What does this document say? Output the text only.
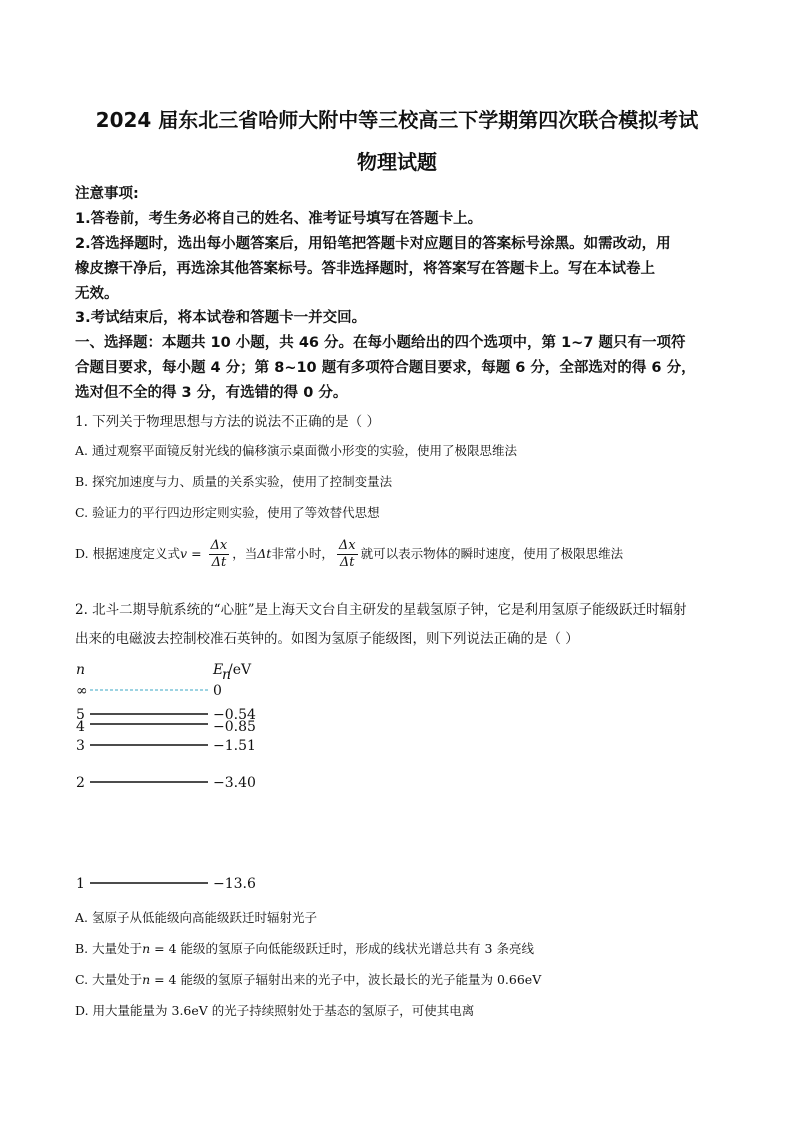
2024 届东北三省哈师大附中等三校高三下学期第四次联合模拟考试
物理试题
注意事项:
1.答卷前，考生务必将自己的姓名、准考证号填写在答题卡上。
2.答选择题时，选出每小题答案后，用铅笔把答题卡对应题目的答案标号涂黑。如需改动，用
橡皮擦干净后，再选涂其他答案标号。答非选择题时，将答案写在答题卡上。写在本试卷上
无效。
3.考试结束后，将本试卷和答题卡一并交回。
一、选择题：本题共 10 小题，共 46 分。在每小题给出的四个选项中，第 1~7 题只有一项符
合题目要求，每小题 4 分；第 8~10 题有多项符合题目要求，每题 6 分，全部选对的得 6 分，
选对但不全的得 3 分，有选错的得 0 分。
1. 下列关于物理思想与方法的说法不正确的是（ ）
A. 通过观察平面镜反射光线的偏移演示桌面微小形变的实验，使用了极限思维法
B. 探究加速度与力、质量的关系实验，使用了控制变量法
C. 验证力的平行四边形定则实验，使用了等效替代思想
D. 根据速度定义式$v = \frac{\Delta x}{\Delta t}$ ，当Δt非常小时， $\frac{\Delta x}{\Delta t}$ 就可以表示物体的瞬时速度，使用了极限思维法
2. 北斗二期导航系统的“心脏”是上海天文台自主研发的星载氢原子钟，它是利用氢原子能级跃迁时辐射
出来的电磁波去控制校准石英钟的。如图为氢原子能级图，则下列说法正确的是（ ）
n	E
n
/eV
∞	0
5	−0.54
4	−0.85
3	−1.51
2	−3.40
1	−13.6
A. 氢原子从低能级向高能级跃迁时辐射光子
B. 大量处于n = 4 能级的氢原子向低能级跃迁时，形成的线状光谱总共有 3 条亮线
C. 大量处于n = 4 能级的氢原子辐射出来的光子中，波长最长的光子能量为 0.66eV
D. 用大量能量为 3.6eV 的光子持续照射处于基态的氢原子，可使其电离
